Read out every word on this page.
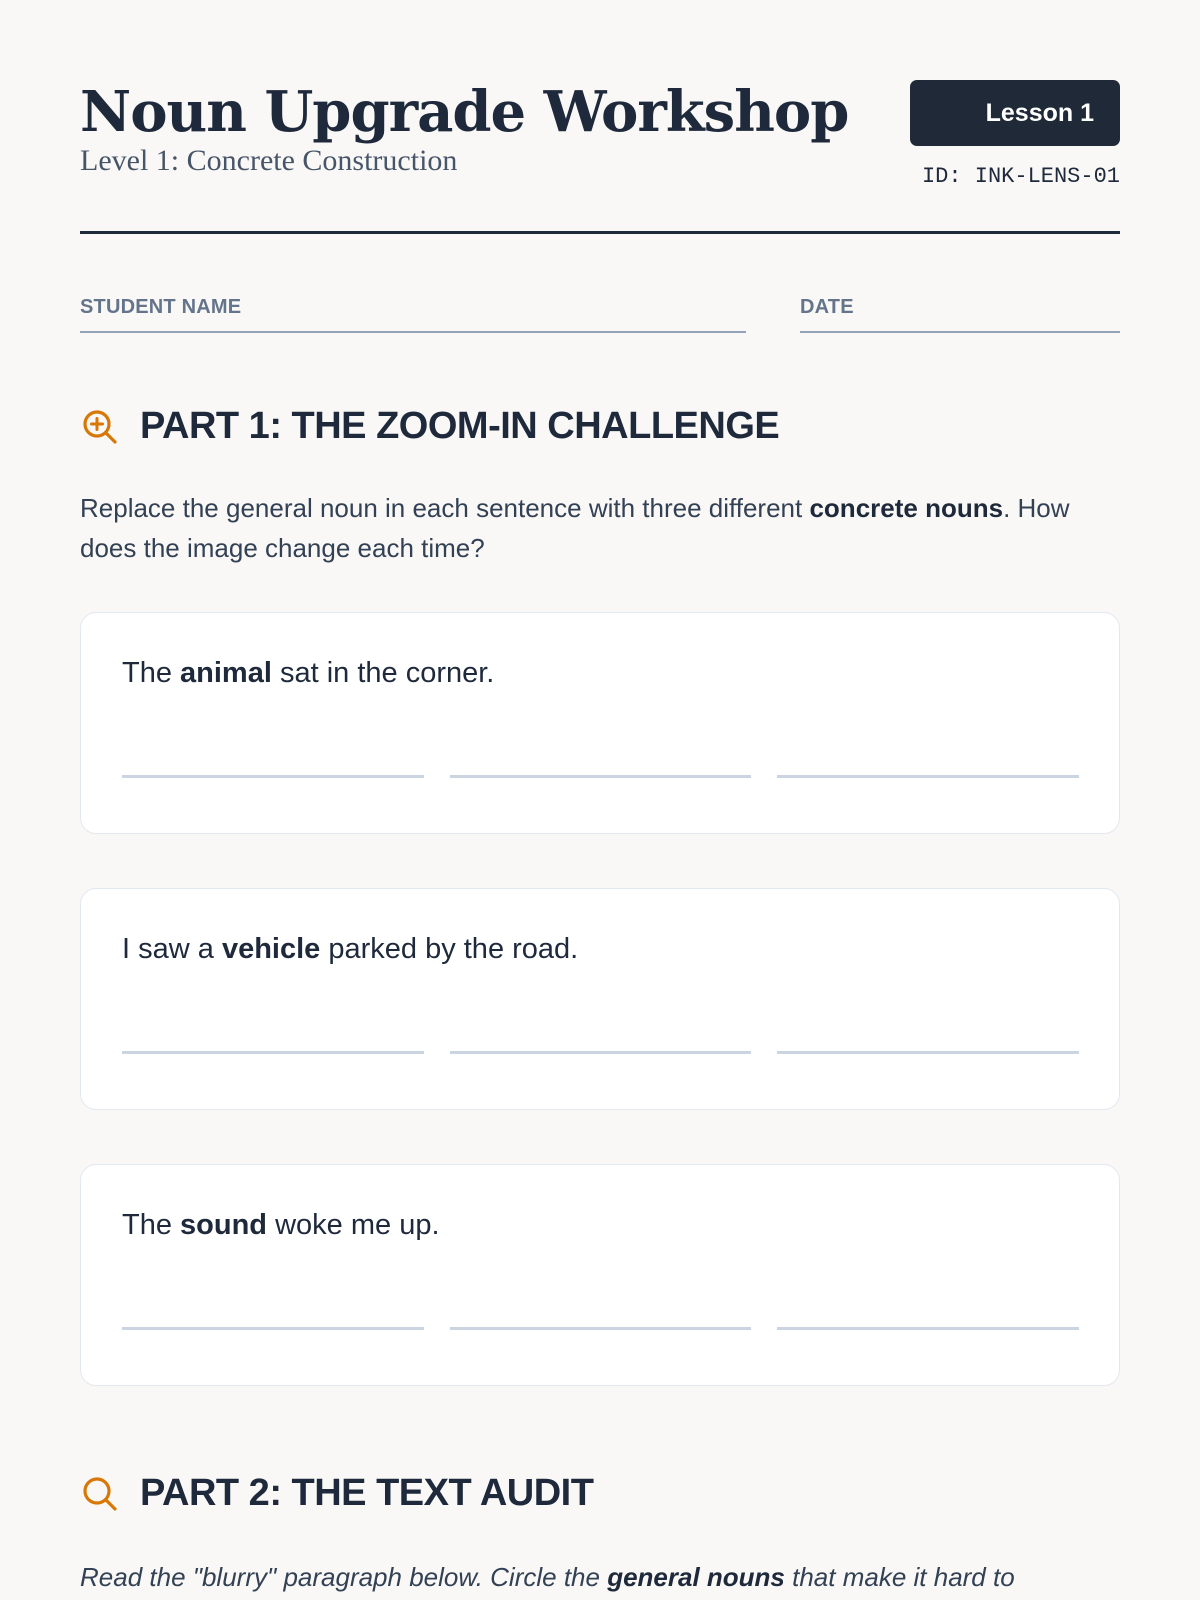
Noun Upgrade Workshop
Level 1: Concrete Construction
Lesson 1
ID: INK-LENS-01
STUDENT NAME	DATE
PART 1: THE ZOOM-IN CHALLENGE
Replace the general noun in each sentence with three different concrete nouns. How does the image change each time?
The animal sat in the corner.
I saw a vehicle parked by the road.
The sound woke me up.
PART 2: THE TEXT AUDIT
Read the "blurry" paragraph below. Circle the general nouns that make it hard to
